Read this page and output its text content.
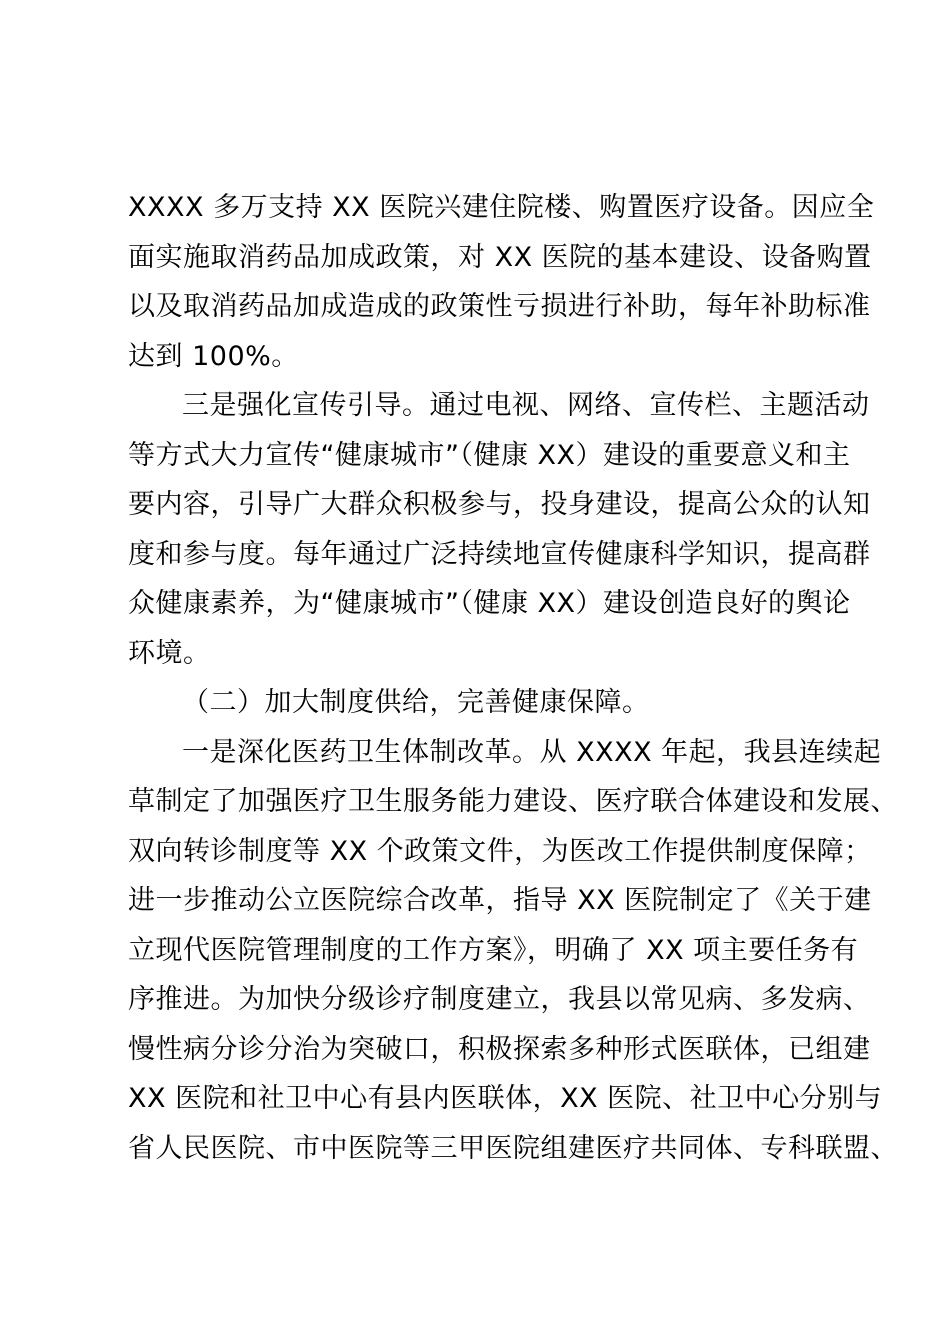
XXXX 多万支持 XX 医院兴建住院楼、购置医疗设备。因应全
面实施取消药品加成政策，对 XX 医院的基本建设、设备购置
以及取消药品加成造成的政策性亏损进行补助，每年补助标准
达到 100%。
三是强化宣传引导。通过电视、网络、宣传栏、主题活动
等方式大力宣传“健康城市”（健康 XX）建设的重要意义和主
要内容，引导广大群众积极参与，投身建设，提高公众的认知
度和参与度。每年通过广泛持续地宣传健康科学知识，提高群
众健康素养，为“健康城市”（健康 XX）建设创造良好的舆论
环境。
（二）加大制度供给，完善健康保障。
一是深化医药卫生体制改革。从 XXXX 年起，我县连续起
草制定了加强医疗卫生服务能力建设、医疗联合体建设和发展、
双向转诊制度等 XX 个政策文件，为医改工作提供制度保障；
进一步推动公立医院综合改革，指导 XX 医院制定了《关于建
立现代医院管理制度的工作方案》，明确了 XX 项主要任务有
序推进。为加快分级诊疗制度建立，我县以常见病、多发病、
慢性病分诊分治为突破口，积极探索多种形式医联体，已组建
XX 医院和社卫中心有县内医联体，XX 医院、社卫中心分别与
省人民医院、市中医院等三甲医院组建医疗共同体、专科联盟、
